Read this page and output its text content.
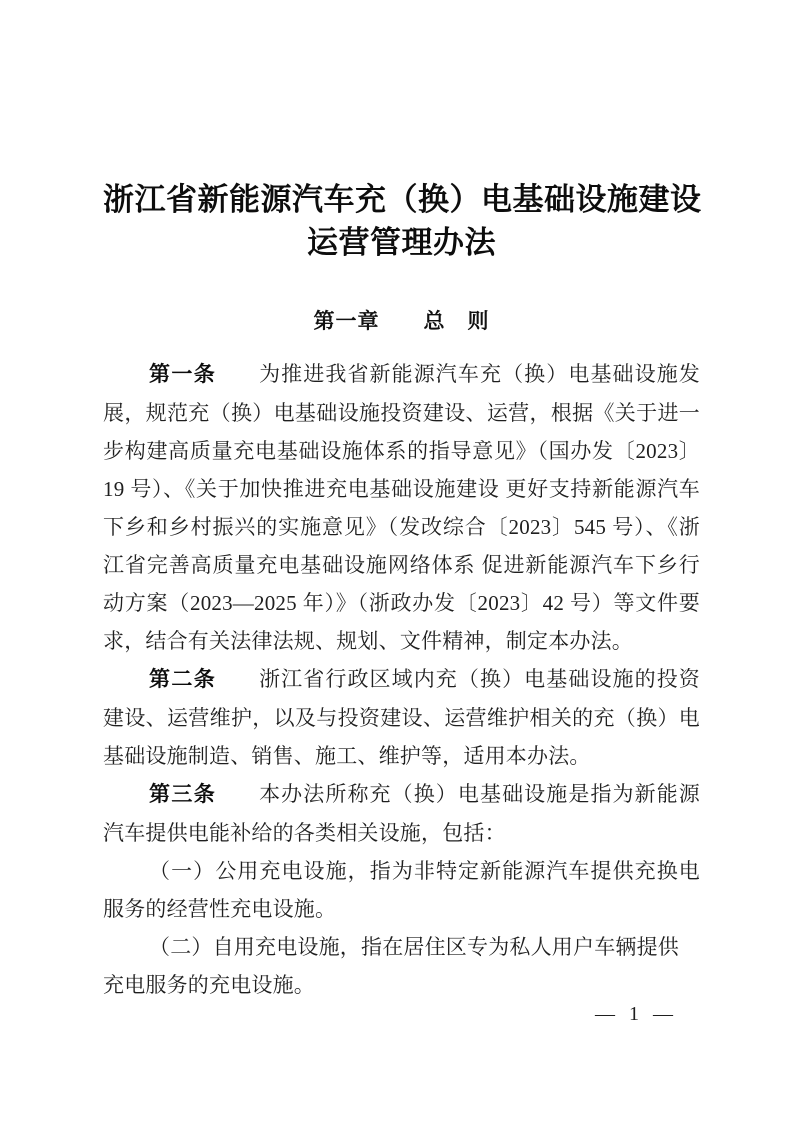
浙江省新能源汽车充（换）电基础设施建设
运营管理办法
第一章　　总　则

第一条 为推进我省新能源汽车充（换）电基础设施发展，规范充（换）电基础设施投资建设、运营，根据《关于进一步构建高质量充电基础设施体系的指导意见》（国办发〔2023〕19 号）、《关于加快推进充电基础设施建设 更好支持新能源汽车下乡和乡村振兴的实施意见》（发改综合〔2023〕545 号）、《浙江省完善高质量充电基础设施网络体系 促进新能源汽车下乡行动方案（2023—2025 年）》（浙政办发〔2023〕42 号）等文件要求，结合有关法律法规、规划、文件精神，制定本办法。

第二条 浙江省行政区域内充（换）电基础设施的投资建设、运营维护，以及与投资建设、运营维护相关的充（换）电基础设施制造、销售、施工、维护等，适用本办法。

第三条 本办法所称充（换）电基础设施是指为新能源汽车提供电能补给的各类相关设施，包括：

（一）公用充电设施，指为非特定新能源汽车提供充换电服务的经营性充电设施。

（二）自用充电设施，指在居住区专为私人用户车辆提供充电服务的充电设施。

— 1 —
